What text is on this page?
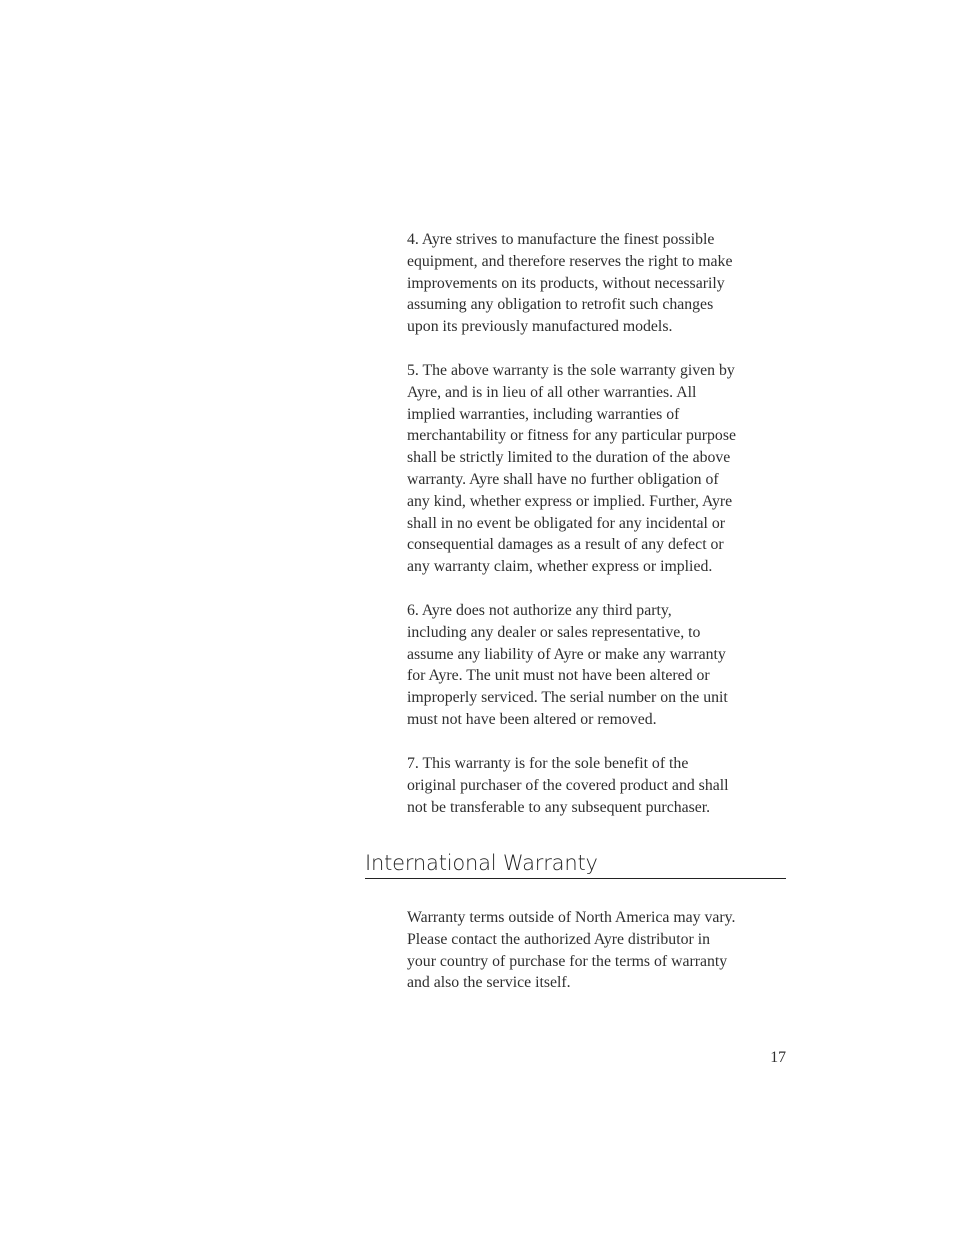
4. Ayre strives to manufacture the finest possible
equipment, and therefore reserves the right to make
improvements on its products, without necessarily
assuming any obligation to retrofit such changes
upon its previously manufactured models.

5. The above warranty is the sole warranty given by
Ayre, and is in lieu of all other warranties. All
implied warranties, including warranties of
merchantability or fitness for any particular purpose
shall be strictly limited to the duration of the above
warranty. Ayre shall have no further obligation of
any kind, whether express or implied. Further, Ayre
shall in no event be obligated for any incidental or
consequential damages as a result of any defect or
any warranty claim, whether express or implied.

6. Ayre does not authorize any third party,
including any dealer or sales representative, to
assume any liability of Ayre or make any warranty
for Ayre. The unit must not have been altered or
improperly serviced. The serial number on the unit
must not have been altered or removed.

7. This warranty is for the sole benefit of the
original purchaser of the covered product and shall
not be transferable to any subsequent purchaser.

International Warranty

Warranty terms outside of North America may vary.
Please contact the authorized Ayre distributor in
your country of purchase for the terms of warranty
and also the service itself.

17
